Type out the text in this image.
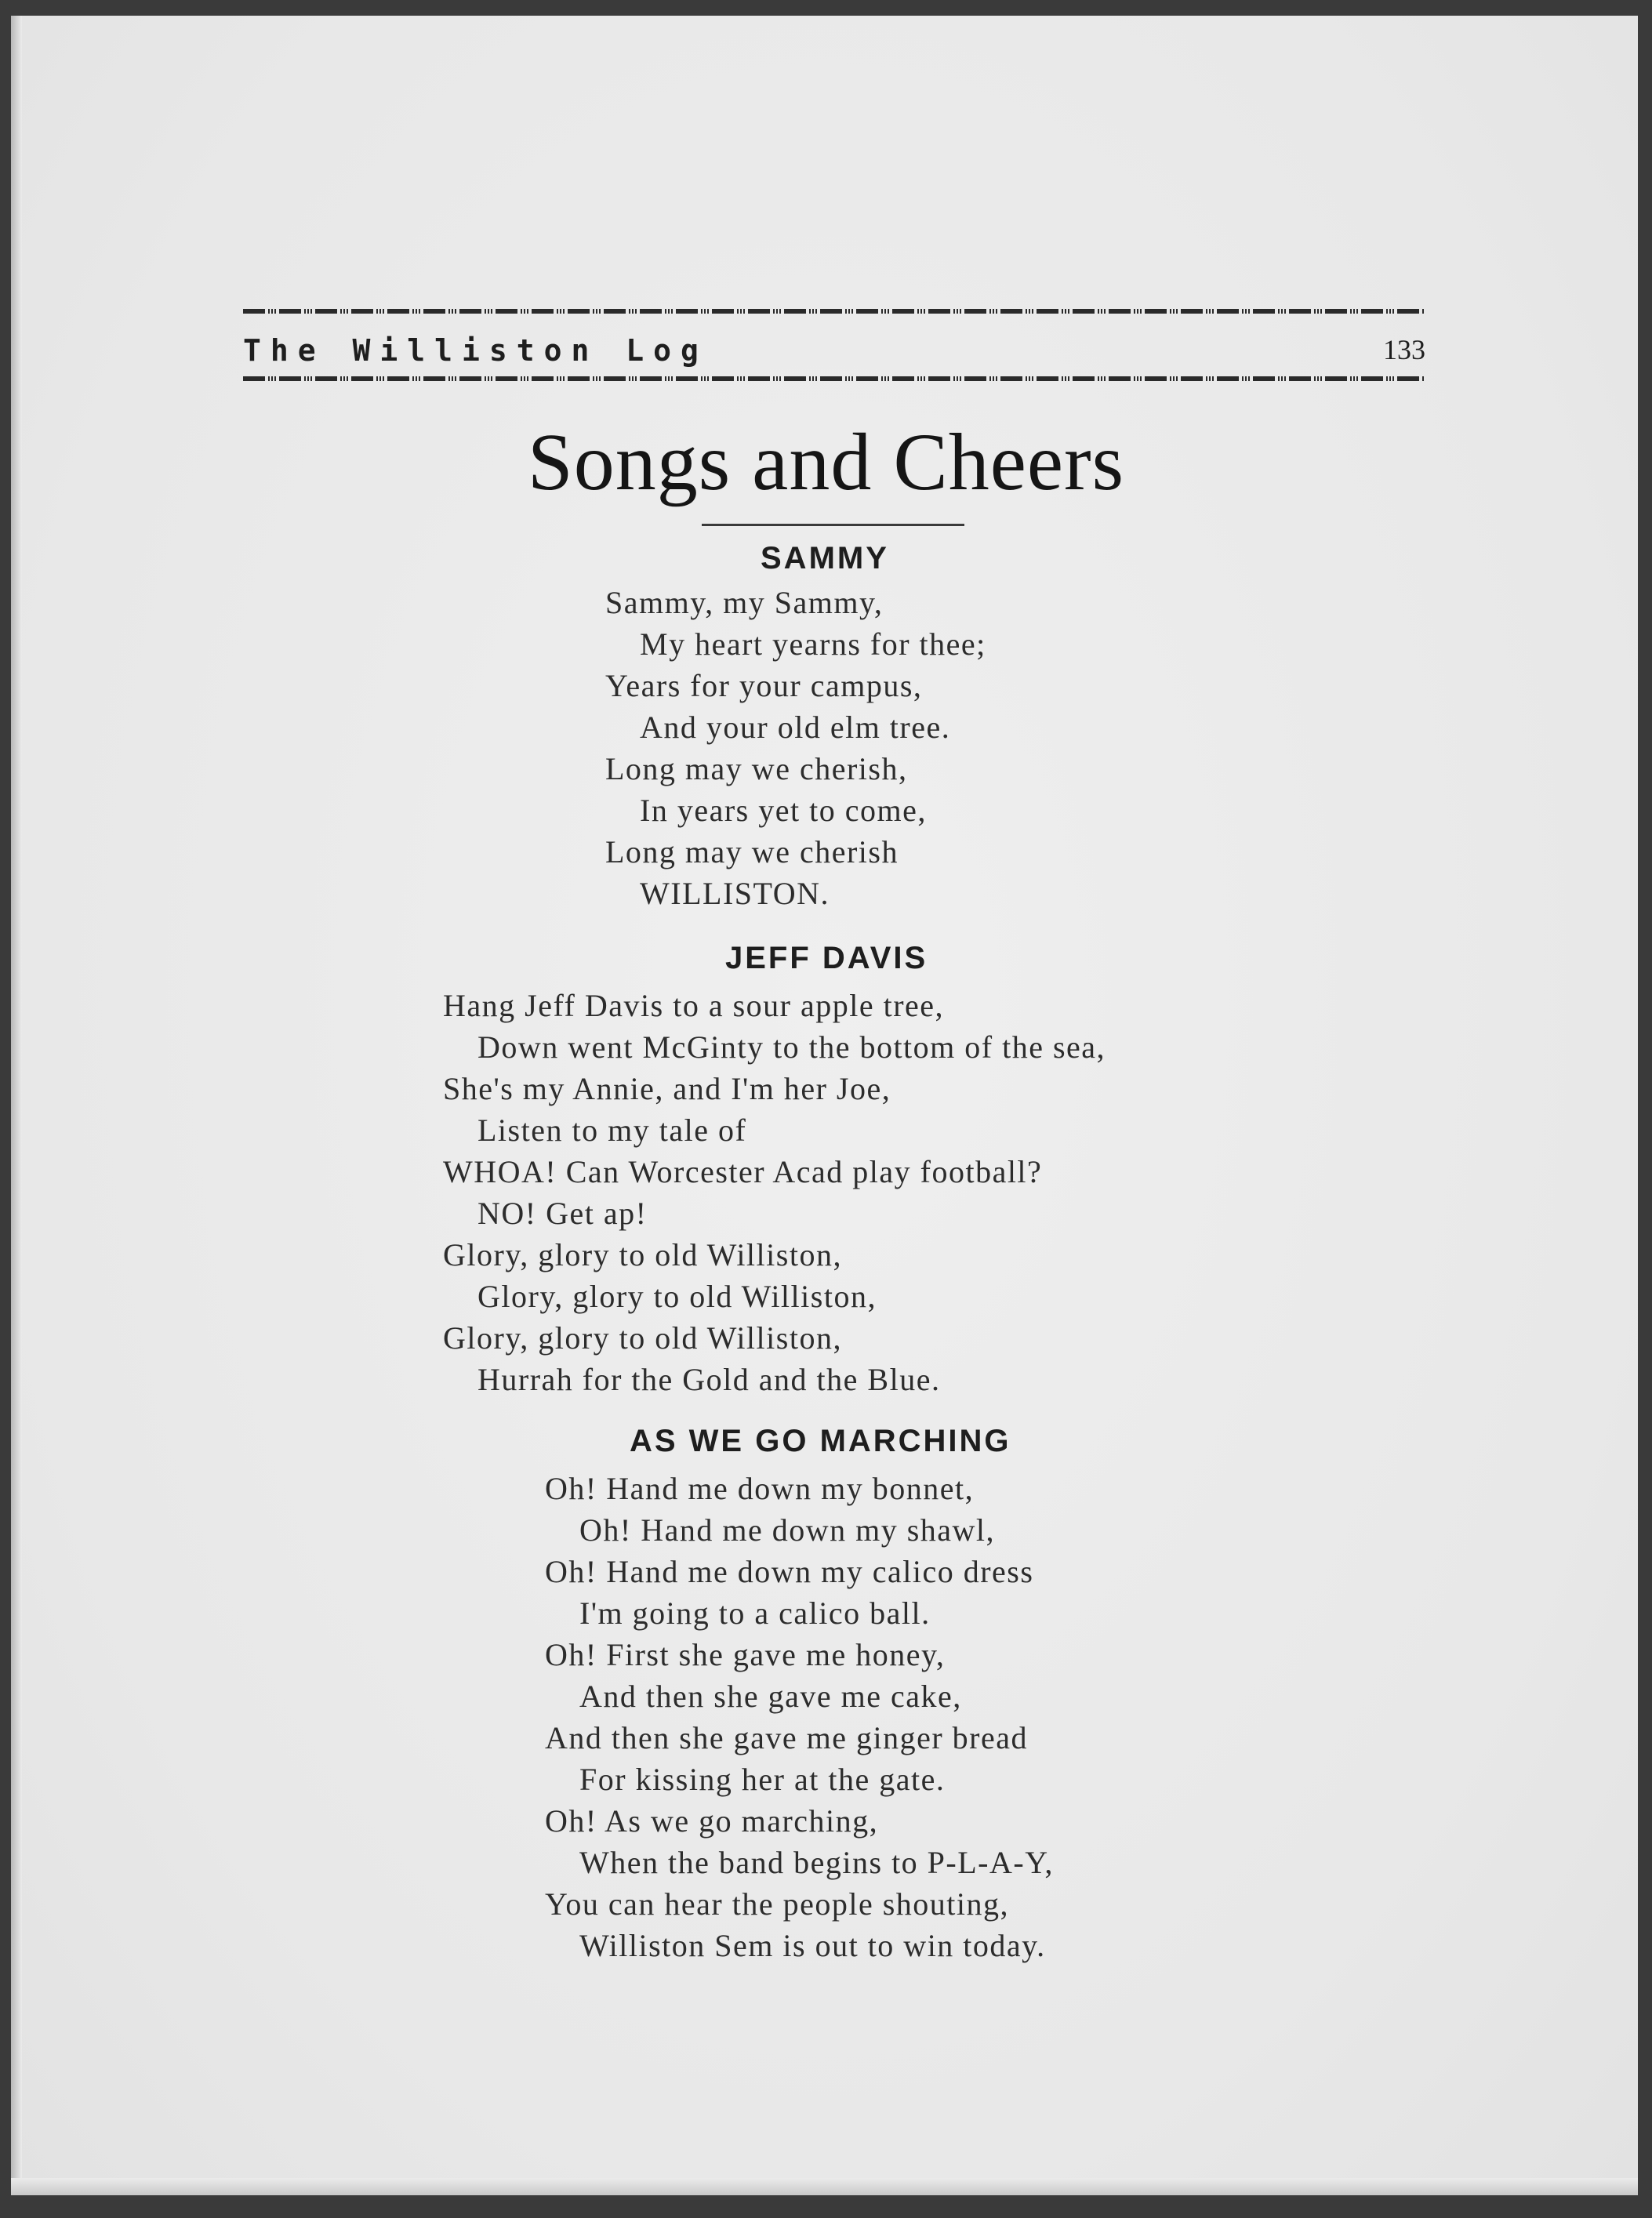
The Williston Log	133
Songs and Cheers
SAMMY
Sammy, my Sammy,
My heart yearns for thee;
Years for your campus,
And your old elm tree.
Long may we cherish,
In years yet to come,
Long may we cherish
WILLISTON.
JEFF DAVIS
Hang Jeff Davis to a sour apple tree,
Down went McGinty to the bottom of the sea,
She's my Annie, and I'm her Joe,
Listen to my tale of
WHOA! Can Worcester Acad play football?
NO! Get ap!
Glory, glory to old Williston,
Glory, glory to old Williston,
Glory, glory to old Williston,
Hurrah for the Gold and the Blue.
AS WE GO MARCHING
Oh! Hand me down my bonnet,
Oh! Hand me down my shawl,
Oh! Hand me down my calico dress
I'm going to a calico ball.
Oh! First she gave me honey,
And then she gave me cake,
And then she gave me ginger bread
For kissing her at the gate.
Oh! As we go marching,
When the band begins to P-L-A-Y,
You can hear the people shouting,
Williston Sem is out to win today.
